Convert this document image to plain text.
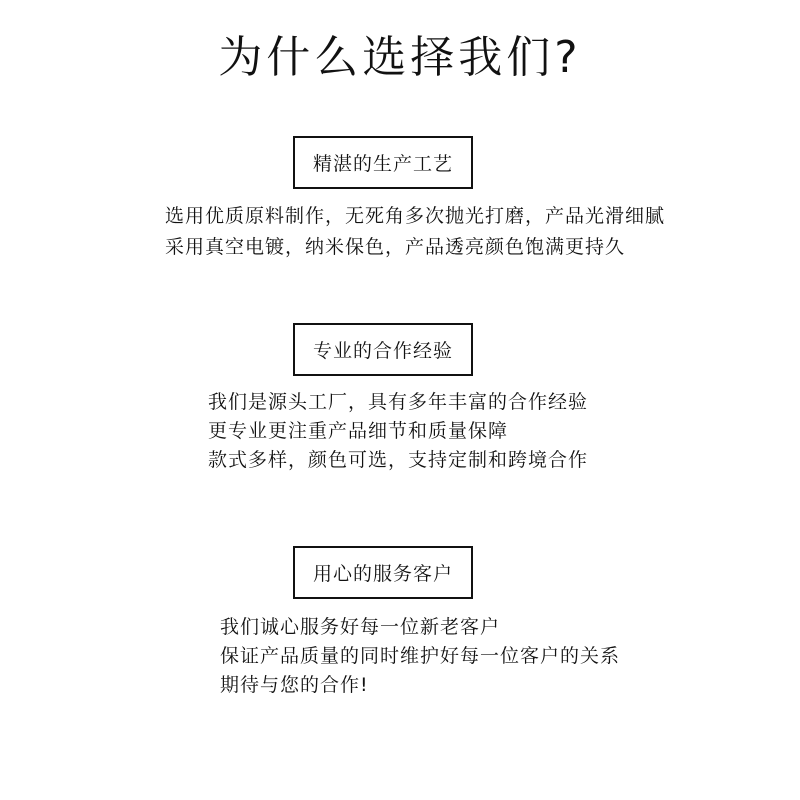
为什么选择我们?
精湛的生产工艺
选用优质原料制作，无死角多次抛光打磨，产品光滑细腻
采用真空电镀，纳米保色，产品透亮颜色饱满更持久
专业的合作经验
我们是源头工厂，具有多年丰富的合作经验
更专业更注重产品细节和质量保障
款式多样，颜色可选，支持定制和跨境合作
用心的服务客户
我们诚心服务好每一位新老客户
保证产品质量的同时维护好每一位客户的关系
期待与您的合作!
